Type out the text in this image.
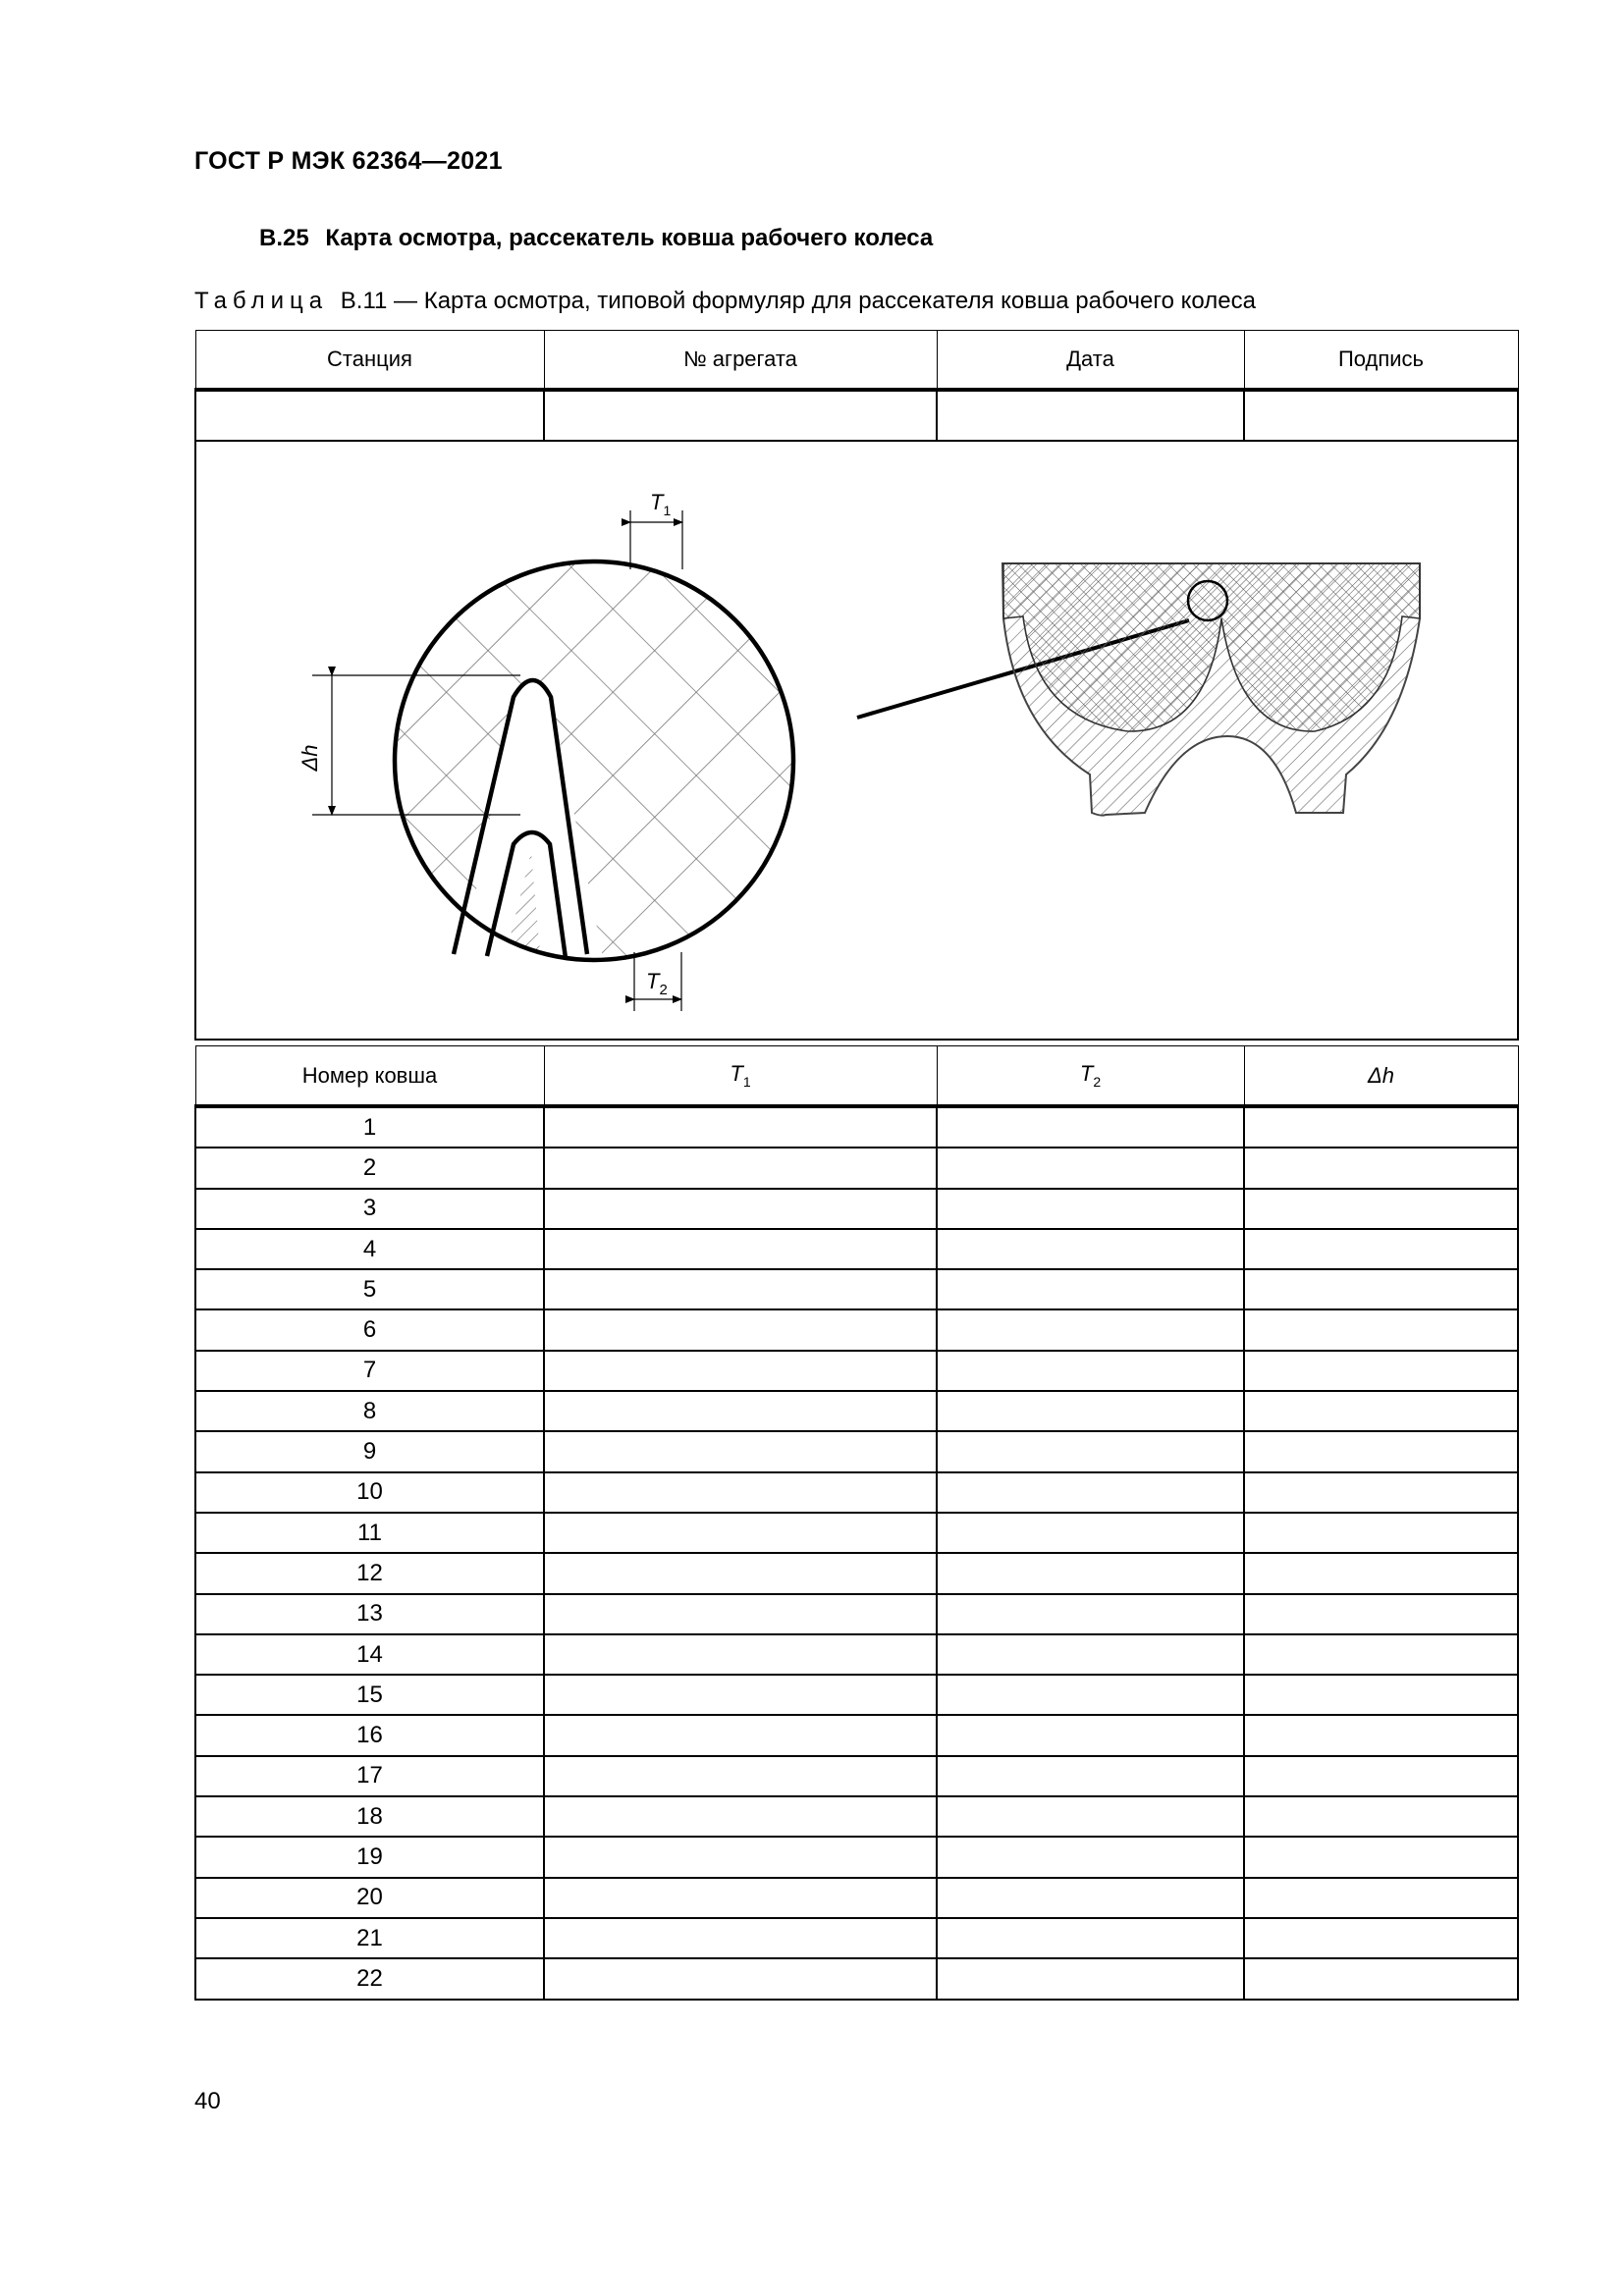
ГОСТ Р МЭК 62364—2021
B.25 Карта осмотра, рассекатель ковша рабочего колеса
Таблица B.11 — Карта осмотра, типовой формуляр для рассекателя ковша рабочего колеса
Станция	№ агрегата	Дата	Подпись

$T_1$
$T_2$
Δh			
Номер ковша	$T_1$	$T_2$	Δh
1			
2			
3			
4			
5			
6			
7			
8			
9			
10			
11			
12			
13			
14			
15			
16			
17			
18			
19			
20			
21			
22			
40
